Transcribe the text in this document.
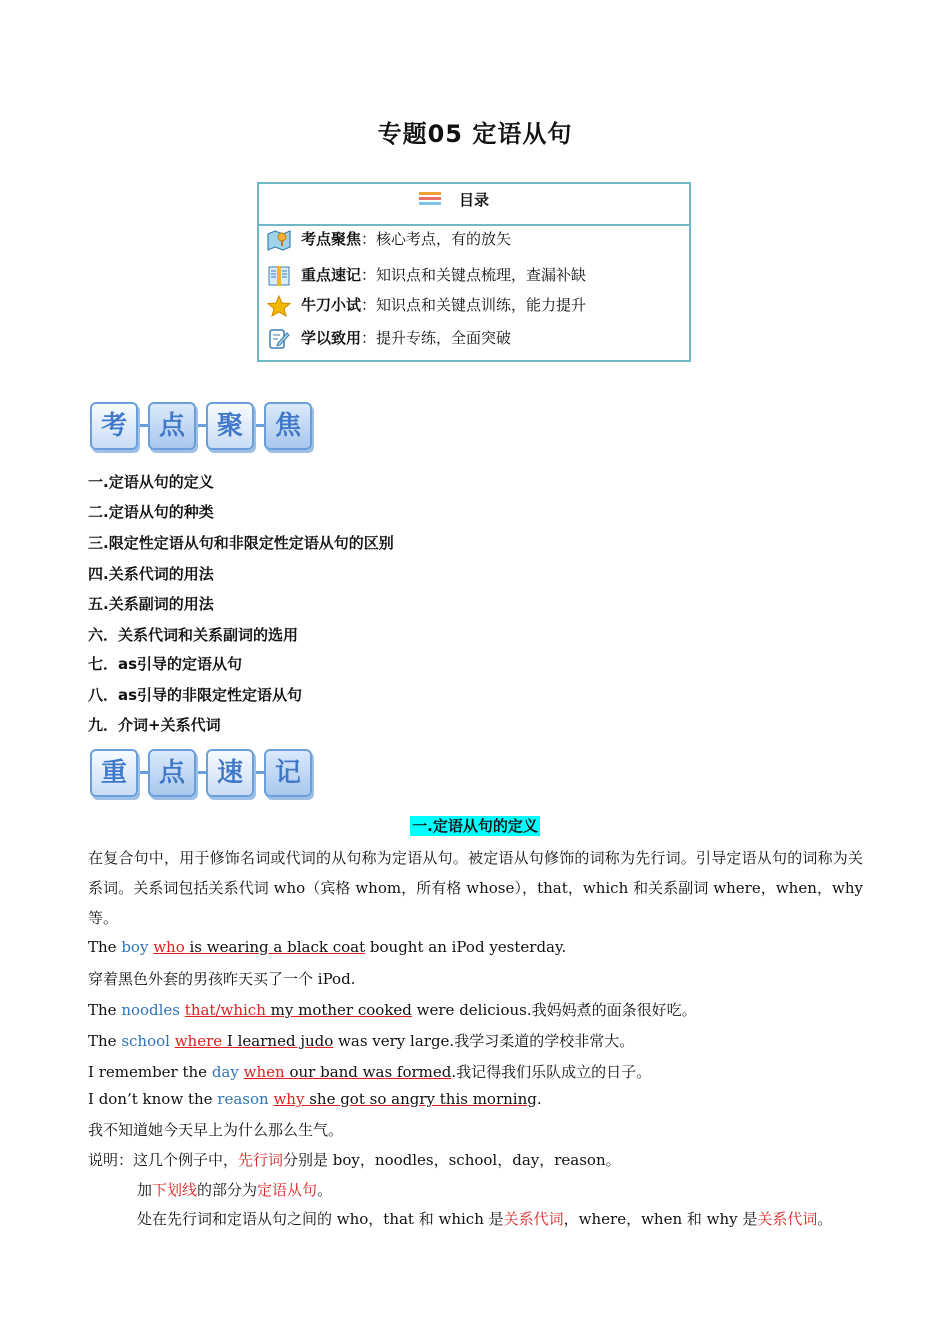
专题05 定语从句
目录
考点聚焦：核心考点，有的放矢
重点速记：知识点和关键点梳理，查漏补缺
牛刀小试：知识点和关键点训练，能力提升
学以致用：提升专练，全面突破
考	点	聚	焦
一.定语从句的定义
二.定语从句的种类
三.限定性定语从句和非限定性定语从句的区别
四.关系代词的用法
五.关系副词的用法
六．关系代词和关系副词的选用
七．as引导的定语从句
八．as引导的非限定性定语从句
九．介词+关系代词
重	点	速	记
一.定语从句的定义
在复合句中，用于修饰名词或代词的从句称为定语从句。被定语从句修饰的词称为先行词。引导定语从句的词称为关系词。关系词包括关系代词 who（宾格 whom，所有格 whose），that，which 和关系副词 where，when，why 等。
The boy who is wearing a black coat bought an iPod yesterday.
穿着黑色外套的男孩昨天买了一个 iPod.
The noodles that/which my mother cooked were delicious.我妈妈煮的面条很好吃。
The school where I learned judo was very large.我学习柔道的学校非常大。
I remember the day when our band was formed.我记得我们乐队成立的日子。
I don’t know the reason why she got so angry this morning.
我不知道她今天早上为什么那么生气。
说明：这几个例子中，先行词分别是 boy，noodles，school，day，reason。
加下划线的部分为定语从句。
处在先行词和定语从句之间的 who，that 和 which 是关系代词，where，when 和 why 是关系代词。
